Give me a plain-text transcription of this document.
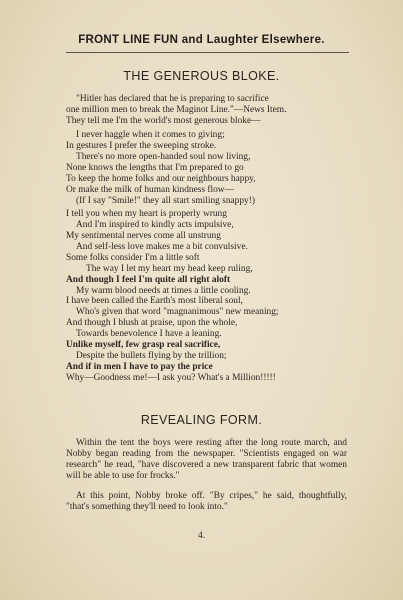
FRONT LINE FUN and Laughter Elsewhere.
THE GENEROUS BLOKE.
"Hitler has declared that he is preparing to sacrifice
one million men to break the Maginot Line."—News Item.
They tell me I'm the world's most generous bloke—
I never haggle when it comes to giving;
In gestures I prefer the sweeping stroke.
There's no more open-handed soul now living,
None knows the lengths that I'm prepared to go
To keep the home folks and our neighbours happy,
Or make the milk of human kindness flow—
(If I say "Smile!" they all start smiling snappy!)
I tell you when my heart is properly wrung
And I'm inspired to kindly acts impulsive,
My sentimental nerves come all unstrung
And self-less love makes me a bit convulsive.
Some folks consider I'm a little soft
The way I let my heart my head keep ruling,
And though I feel I'm quite all right aloft
My warm blood needs at times a little cooling.
I have been called the Earth's most liberal soul,
Who's given that word "magnanimous" new meaning;
And though I blush at praise, upon the whole,
Towards benevolence I have a leaning.
Unlike myself, few grasp real sacrifice,
Despite the bullets flying by the trillion;
And if in men I have to pay the price
Why—Goodness me!—I ask you? What's a Million!!!!!
REVEALING FORM.
Within the tent the boys were resting after the long route march, and Nobby began reading from the newspaper. "Scientists engaged on war research" he read, "have discovered a new transparent fabric that women will be able to use for frocks."
At this point, Nobby broke off. "By cripes," he said, thoughtfully, "that's something they'll need to look into."
4.
